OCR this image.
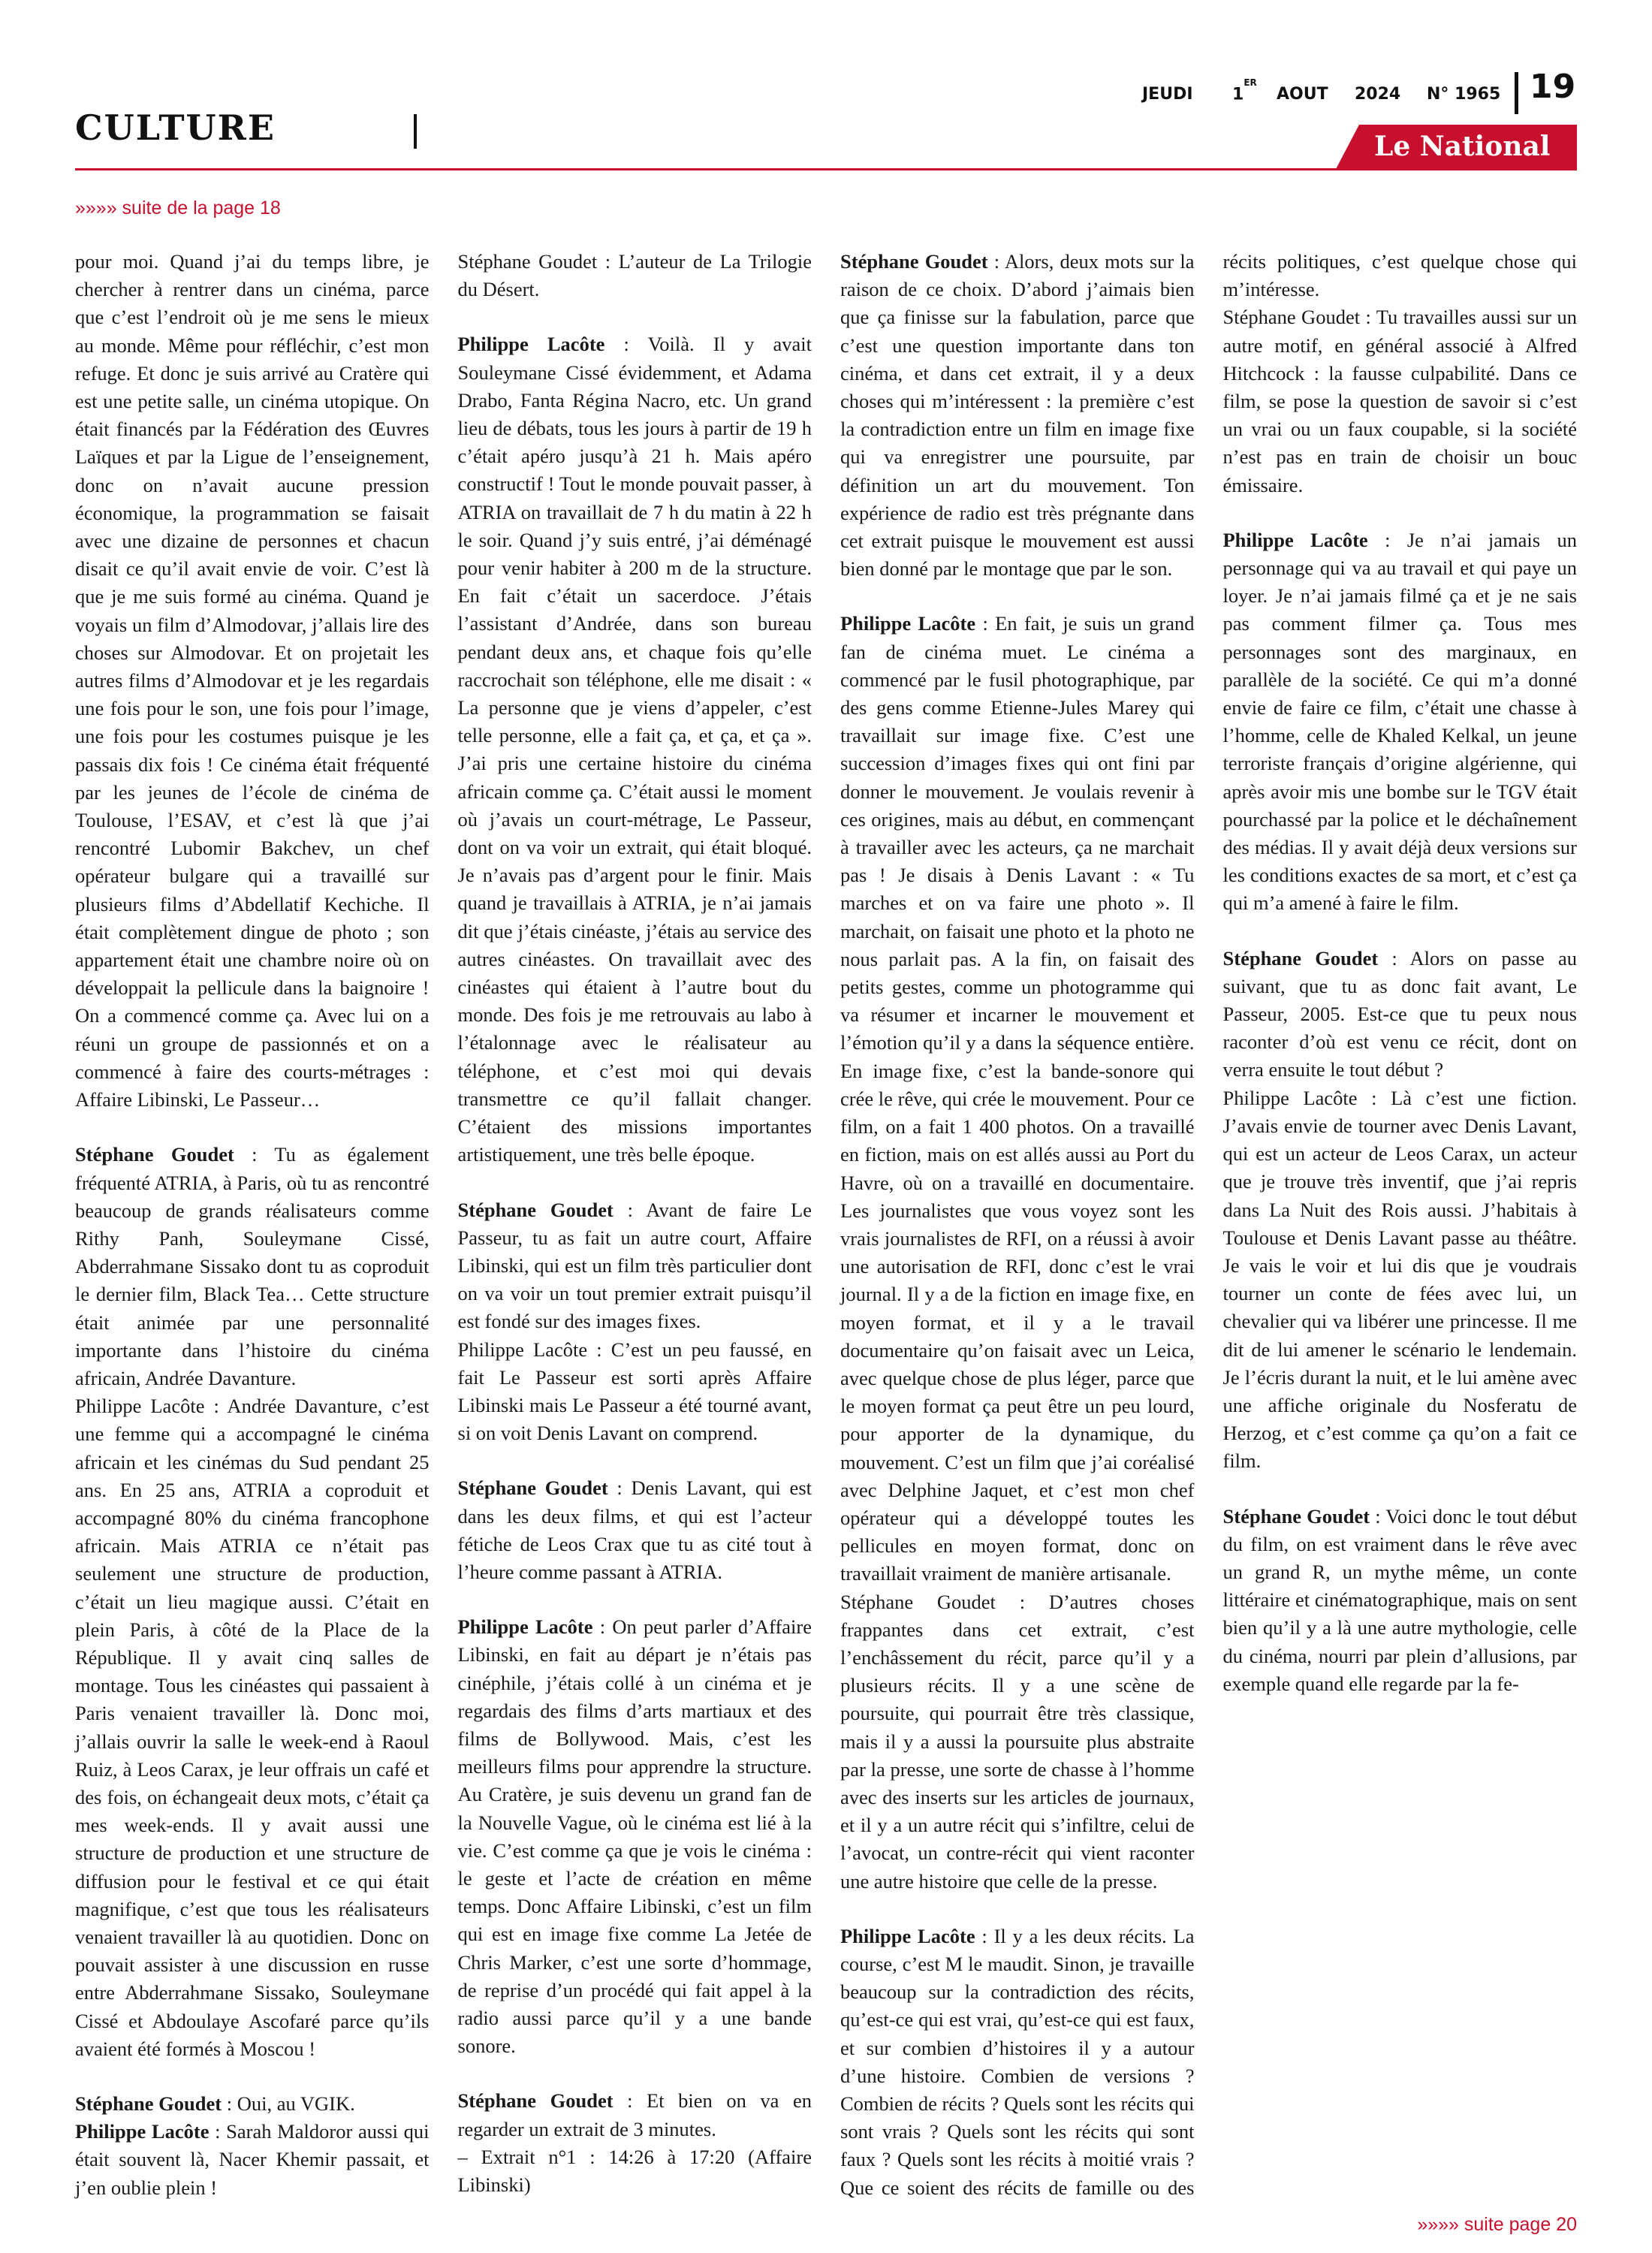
CULTURE
JEUDI 1ER
AOUT 2024 N° 1965 19
Le National
»»»» suite de la page 18

pour moi. Quand j’ai du temps libre, je chercher à rentrer dans un cinéma, parce que c’est l’endroit où je me sens le mieux au monde. Même pour réfléchir, c’est mon refuge. Et donc je suis arrivé au Cratère qui est une petite salle, un cinéma utopique. On était financés par la Fédération des Œuvres Laïques et par la Ligue de l’enseignement, donc on n’avait aucune pression économique, la programmation se faisait avec une dizaine de personnes et chacun disait ce qu’il avait envie de voir. C’est là que je me suis formé au cinéma. Quand je voyais un film d’Almodovar, j’allais lire des choses sur Almodovar. Et on projetait les autres films d’Almodovar et je les regardais une fois pour le son, une fois pour l’image, une fois pour les costumes puisque je les passais dix fois ! Ce cinéma était fréquenté par les jeunes de l’école de cinéma de Toulouse, l’ESAV, et c’est là que j’ai rencontré Lubomir Bakchev, un chef opérateur bulgare qui a travaillé sur plusieurs films d’Abdellatif Kechiche. Il était complètement dingue de photo ; son appartement était une chambre noire où on développait la pellicule dans la baignoire ! On a commencé comme ça. Avec lui on a réuni un groupe de passionnés et on a commencé à faire des courts-métrages : Affaire Libinski, Le Passeur…

Stéphane Goudet : Tu as également fréquenté ATRIA, à Paris, où tu as rencontré beaucoup de grands réalisateurs comme Rithy Panh, Souleymane Cissé, Abderrahmane Sissako dont tu as coproduit le dernier film, Black Tea… Cette structure était animée par une personnalité importante dans l’histoire du cinéma africain, Andrée Davanture.

Philippe Lacôte : Andrée Davanture, c’est une femme qui a accompagné le cinéma africain et les cinémas du Sud pendant 25 ans. En 25 ans, ATRIA a coproduit et accompagné 80% du cinéma francophone africain. Mais ATRIA ce n’était pas seulement une structure de production, c’était un lieu magique aussi. C’était en plein Paris, à côté de la Place de la République. Il y avait cinq salles de montage. Tous les cinéastes qui passaient à Paris venaient travailler là. Donc moi, j’allais ouvrir la salle le week-end à Raoul Ruiz, à Leos Carax, je leur offrais un café et des fois, on échangeait deux mots, c’était ça mes week-ends. Il y avait aussi une structure de production et une structure de diffusion pour le festival et ce qui était magnifique, c’est que tous les réalisateurs venaient travailler là au quotidien. Donc on pouvait assister à une discussion en russe entre Abderrahmane Sissako, Souleymane Cissé et Abdoulaye Ascofaré parce qu’ils avaient été formés à Moscou !

Stéphane Goudet : Oui, au VGIK.

Philippe Lacôte : Sarah Maldoror aussi qui était souvent là, Nacer Khemir passait, et j’en oublie plein !

Stéphane Goudet : L’auteur de La Trilogie du Désert.

Philippe Lacôte : Voilà. Il y avait Souleymane Cissé évidemment, et Adama Drabo, Fanta Régina Nacro, etc. Un grand lieu de débats, tous les jours à partir de 19 h c’était apéro jusqu’à 21 h. Mais apéro constructif ! Tout le monde pouvait passer, à ATRIA on travaillait de 7 h du matin à 22 h le soir. Quand j’y suis entré, j’ai déménagé pour venir habiter à 200 m de la structure. En fait c’était un sacerdoce. J’étais l’assistant d’Andrée, dans son bureau pendant deux ans, et chaque fois qu’elle raccrochait son téléphone, elle me disait : « La personne que je viens d’appeler, c’est telle personne, elle a fait ça, et ça, et ça ». J’ai pris une certaine histoire du cinéma africain comme ça. C’était aussi le moment où j’avais un court-métrage, Le Passeur, dont on va voir un extrait, qui était bloqué. Je n’avais pas d’argent pour le finir. Mais quand je travaillais à ATRIA, je n’ai jamais dit que j’étais cinéaste, j’étais au service des autres cinéastes. On travaillait avec des cinéastes qui étaient à l’autre bout du monde. Des fois je me retrouvais au labo à l’étalonnage avec le réalisateur au téléphone, et c’est moi qui devais transmettre ce qu’il fallait changer. C’étaient des missions importantes artistiquement, une très belle époque.

Stéphane Goudet : Avant de faire Le Passeur, tu as fait un autre court, Affaire Libinski, qui est un film très particulier dont on va voir un tout premier extrait puisqu’il est fondé sur des images fixes.

Philippe Lacôte : C’est un peu faussé, en fait Le Passeur est sorti après Affaire Libinski mais Le Passeur a été tourné avant, si on voit Denis Lavant on comprend.

Stéphane Goudet : Denis Lavant, qui est dans les deux films, et qui est l’acteur fétiche de Leos Crax que tu as cité tout à l’heure comme passant à ATRIA.

Philippe Lacôte : On peut parler d’Affaire Libinski, en fait au départ je n’étais pas cinéphile, j’étais collé à un cinéma et je regardais des films d’arts martiaux et des films de Bollywood. Mais, c’est les meilleurs films pour apprendre la structure. Au Cratère, je suis devenu un grand fan de la Nouvelle Vague, où le cinéma est lié à la vie. C’est comme ça que je vois le cinéma : le geste et l’acte de création en même temps. Donc Affaire Libinski, c’est un film qui est en image fixe comme La Jetée de Chris Marker, c’est une sorte d’hommage, de reprise d’un procédé qui fait appel à la radio aussi parce qu’il y a une bande sonore.

Stéphane Goudet : Et bien on va en regarder un extrait de 3 minutes.

– Extrait n°1 : 14:26 à 17:20 (Affaire Libinski)

Stéphane Goudet : Alors, deux mots sur la raison de ce choix. D’abord j’aimais bien que ça finisse sur la fabulation, parce que c’est une question importante dans ton cinéma, et dans cet extrait, il y a deux choses qui m’intéressent : la première c’est la contradiction entre un film en image fixe qui va enregistrer une poursuite, par définition un art du mouvement. Ton expérience de radio est très prégnante dans cet extrait puisque le mouvement est aussi bien donné par le montage que par le son.

Philippe Lacôte : En fait, je suis un grand fan de cinéma muet. Le cinéma a commencé par le fusil photographique, par des gens comme Etienne-Jules Marey qui travaillait sur image fixe. C’est une succession d’images fixes qui ont fini par donner le mouvement. Je voulais revenir à ces origines, mais au début, en commençant à travailler avec les acteurs, ça ne marchait pas ! Je disais à Denis Lavant : « Tu marches et on va faire une photo ». Il marchait, on faisait une photo et la photo ne nous parlait pas. A la fin, on faisait des petits gestes, comme un photogramme qui va résumer et incarner le mouvement et l’émotion qu’il y a dans la séquence entière. En image fixe, c’est la bande-sonore qui crée le rêve, qui crée le mouvement. Pour ce film, on a fait 1 400 photos. On a travaillé en fiction, mais on est allés aussi au Port du Havre, où on a travaillé en documentaire. Les journalistes que vous voyez sont les vrais journalistes de RFI, on a réussi à avoir une autorisation de RFI, donc c’est le vrai journal. Il y a de la fiction en image fixe, en moyen format, et il y a le travail documentaire qu’on faisait avec un Leica, avec quelque chose de plus léger, parce que le moyen format ça peut être un peu lourd, pour apporter de la dynamique, du mouvement. C’est un film que j’ai coréalisé avec Delphine Jaquet, et c’est mon chef opérateur qui a développé toutes les pellicules en moyen format, donc on travaillait vraiment de manière artisanale.

Stéphane Goudet : D’autres choses frappantes dans cet extrait, c’est l’enchâssement du récit, parce qu’il y a plusieurs récits. Il y a une scène de poursuite, qui pourrait être très classique, mais il y a aussi la poursuite plus abstraite par la presse, une sorte de chasse à l’homme avec des inserts sur les articles de journaux, et il y a un autre récit qui s’infiltre, celui de l’avocat, un contre-récit qui vient raconter une autre histoire que celle de la presse.

Philippe Lacôte : Il y a les deux récits. La course, c’est M le maudit. Sinon, je travaille beaucoup sur la contradiction des récits, qu’est-ce qui est vrai, qu’est-ce qui est faux, et sur combien d’histoires il y a autour d’une histoire. Combien de versions ? Combien de récits ? Quels sont les récits qui sont vrais ? Quels sont les récits qui sont faux ? Quels sont les récits à moitié vrais ? Que ce soient des récits de famille ou des récits politiques, c’est quelque chose qui m’intéresse.

Stéphane Goudet : Tu travailles aussi sur un autre motif, en général associé à Alfred Hitchcock : la fausse culpabilité. Dans ce film, se pose la question de savoir si c’est un vrai ou un faux coupable, si la société n’est pas en train de choisir un bouc émissaire.

Philippe Lacôte : Je n’ai jamais un personnage qui va au travail et qui paye un loyer. Je n’ai jamais filmé ça et je ne sais pas comment filmer ça. Tous mes personnages sont des marginaux, en parallèle de la société. Ce qui m’a donné envie de faire ce film, c’était une chasse à l’homme, celle de Khaled Kelkal, un jeune terroriste français d’origine algérienne, qui après avoir mis une bombe sur le TGV était pourchassé par la police et le déchaînement des médias. Il y avait déjà deux versions sur les conditions exactes de sa mort, et c’est ça qui m’a amené à faire le film.

Stéphane Goudet : Alors on passe au suivant, que tu as donc fait avant, Le Passeur, 2005. Est-ce que tu peux nous raconter d’où est venu ce récit, dont on verra ensuite le tout début ?

Philippe Lacôte : Là c’est une fiction. J’avais envie de tourner avec Denis Lavant, qui est un acteur de Leos Carax, un acteur que je trouve très inventif, que j’ai repris dans La Nuit des Rois aussi. J’habitais à Toulouse et Denis Lavant passe au théâtre. Je vais le voir et lui dis que je voudrais tourner un conte de fées avec lui, un chevalier qui va libérer une princesse. Il me dit de lui amener le scénario le lendemain. Je l’écris durant la nuit, et le lui amène avec une affiche originale du Nosferatu de Herzog, et c’est comme ça qu’on a fait ce film.

Stéphane Goudet : Voici donc le tout début du film, on est vraiment dans le rêve avec un grand R, un mythe même, un conte littéraire et cinématographique, mais on sent bien qu’il y a là une autre mythologie, celle du cinéma, nourri par plein d’allusions, par exemple quand elle regarde par la fe-

»»»» suite page 20
